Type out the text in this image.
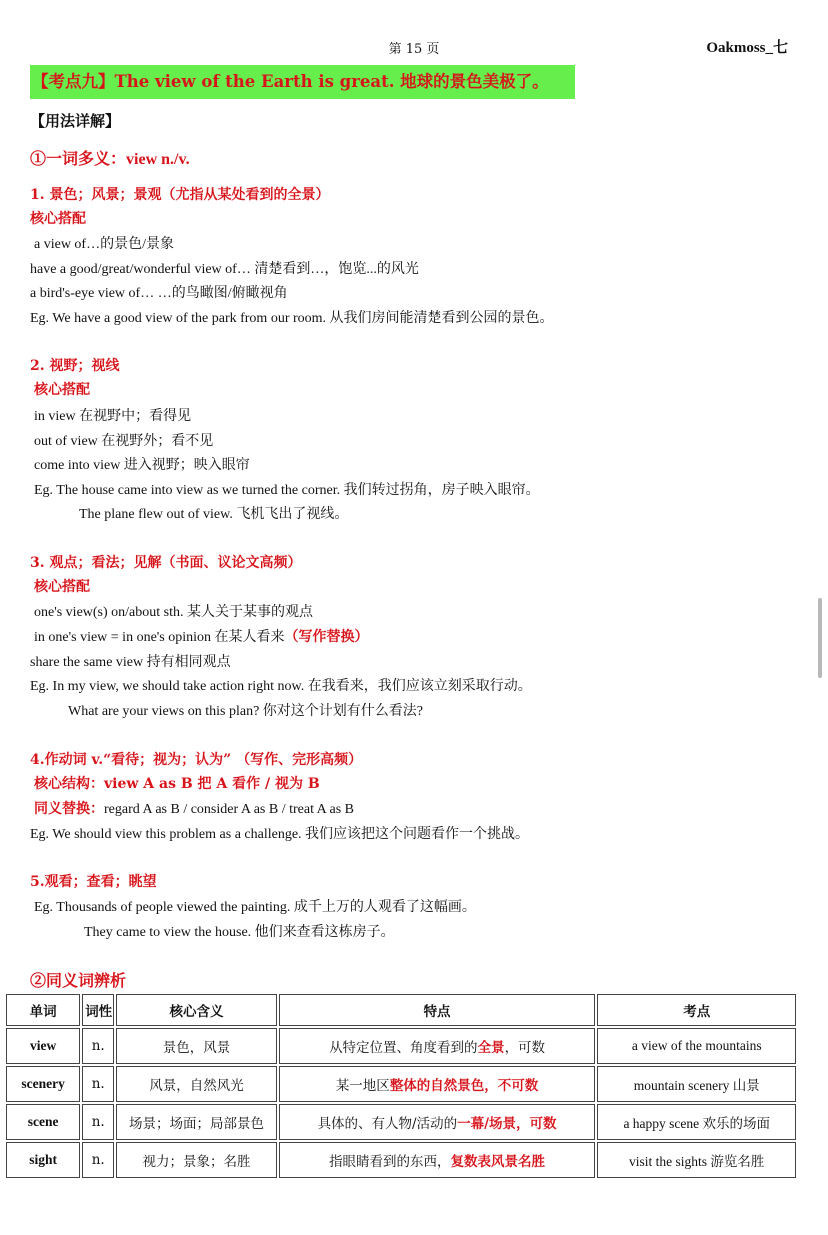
第 15 页	Oakmoss_七
【考点九】The view of the Earth is great. 地球的景色美极了。
【用法详解】
①一词多义：view n./v.
1. 景色；风景；景观（尤指从某处看到的全景）
核心搭配
a view of…的景色/景象
have a good/great/wonderful view of… 清楚看到…，饱览...的风光
a bird's-eye view of… …的鸟瞰图/俯瞰视角
Eg. We have a good view of the park from our room. 从我们房间能清楚看到公园的景色。
2. 视野；视线
核心搭配
in view 在视野中；看得见
out of view 在视野外；看不见
come into view 进入视野；映入眼帘
Eg. The house came into view as we turned the corner. 我们转过拐角，房子映入眼帘。
The plane flew out of view. 飞机飞出了视线。
3. 观点；看法；见解（书面、议论文高频）
核心搭配
one's view(s) on/about sth. 某人关于某事的观点
in one's view = in one's opinion 在某人看来（写作替换）
share the same view 持有相同观点
Eg. In my view, we should take action right now. 在我看来，我们应该立刻采取行动。
What are your views on this plan? 你对这个计划有什么看法?
4.作动词 v.“看待；视为；认为” （写作、完形高频）
核心结构：view A as B 把 A 看作 / 视为 B
同义替换：regard A as B / consider A as B / treat A as B
Eg. We should view this problem as a challenge. 我们应该把这个问题看作一个挑战。
5.观看；查看；眺望
Eg. Thousands of people viewed the painting. 成千上万的人观看了这幅画。
They came to view the house. 他们来查看这栋房子。
②同义词辨析
单词	词性	核心含义	特点	考点
view	n.	景色，风景	从特定位置、角度看到的全景，可数	a view of the mountains
scenery	n.	风景，自然风光	某一地区整体的自然景色，不可数	mountain scenery 山景
scene	n.	场景；场面；局部景色	具体的、有人物/活动的一幕/场景，可数	a happy scene 欢乐的场面
sight	n.	视力；景象；名胜	指眼睛看到的东西，复数表风景名胜	visit the sights 游览名胜
